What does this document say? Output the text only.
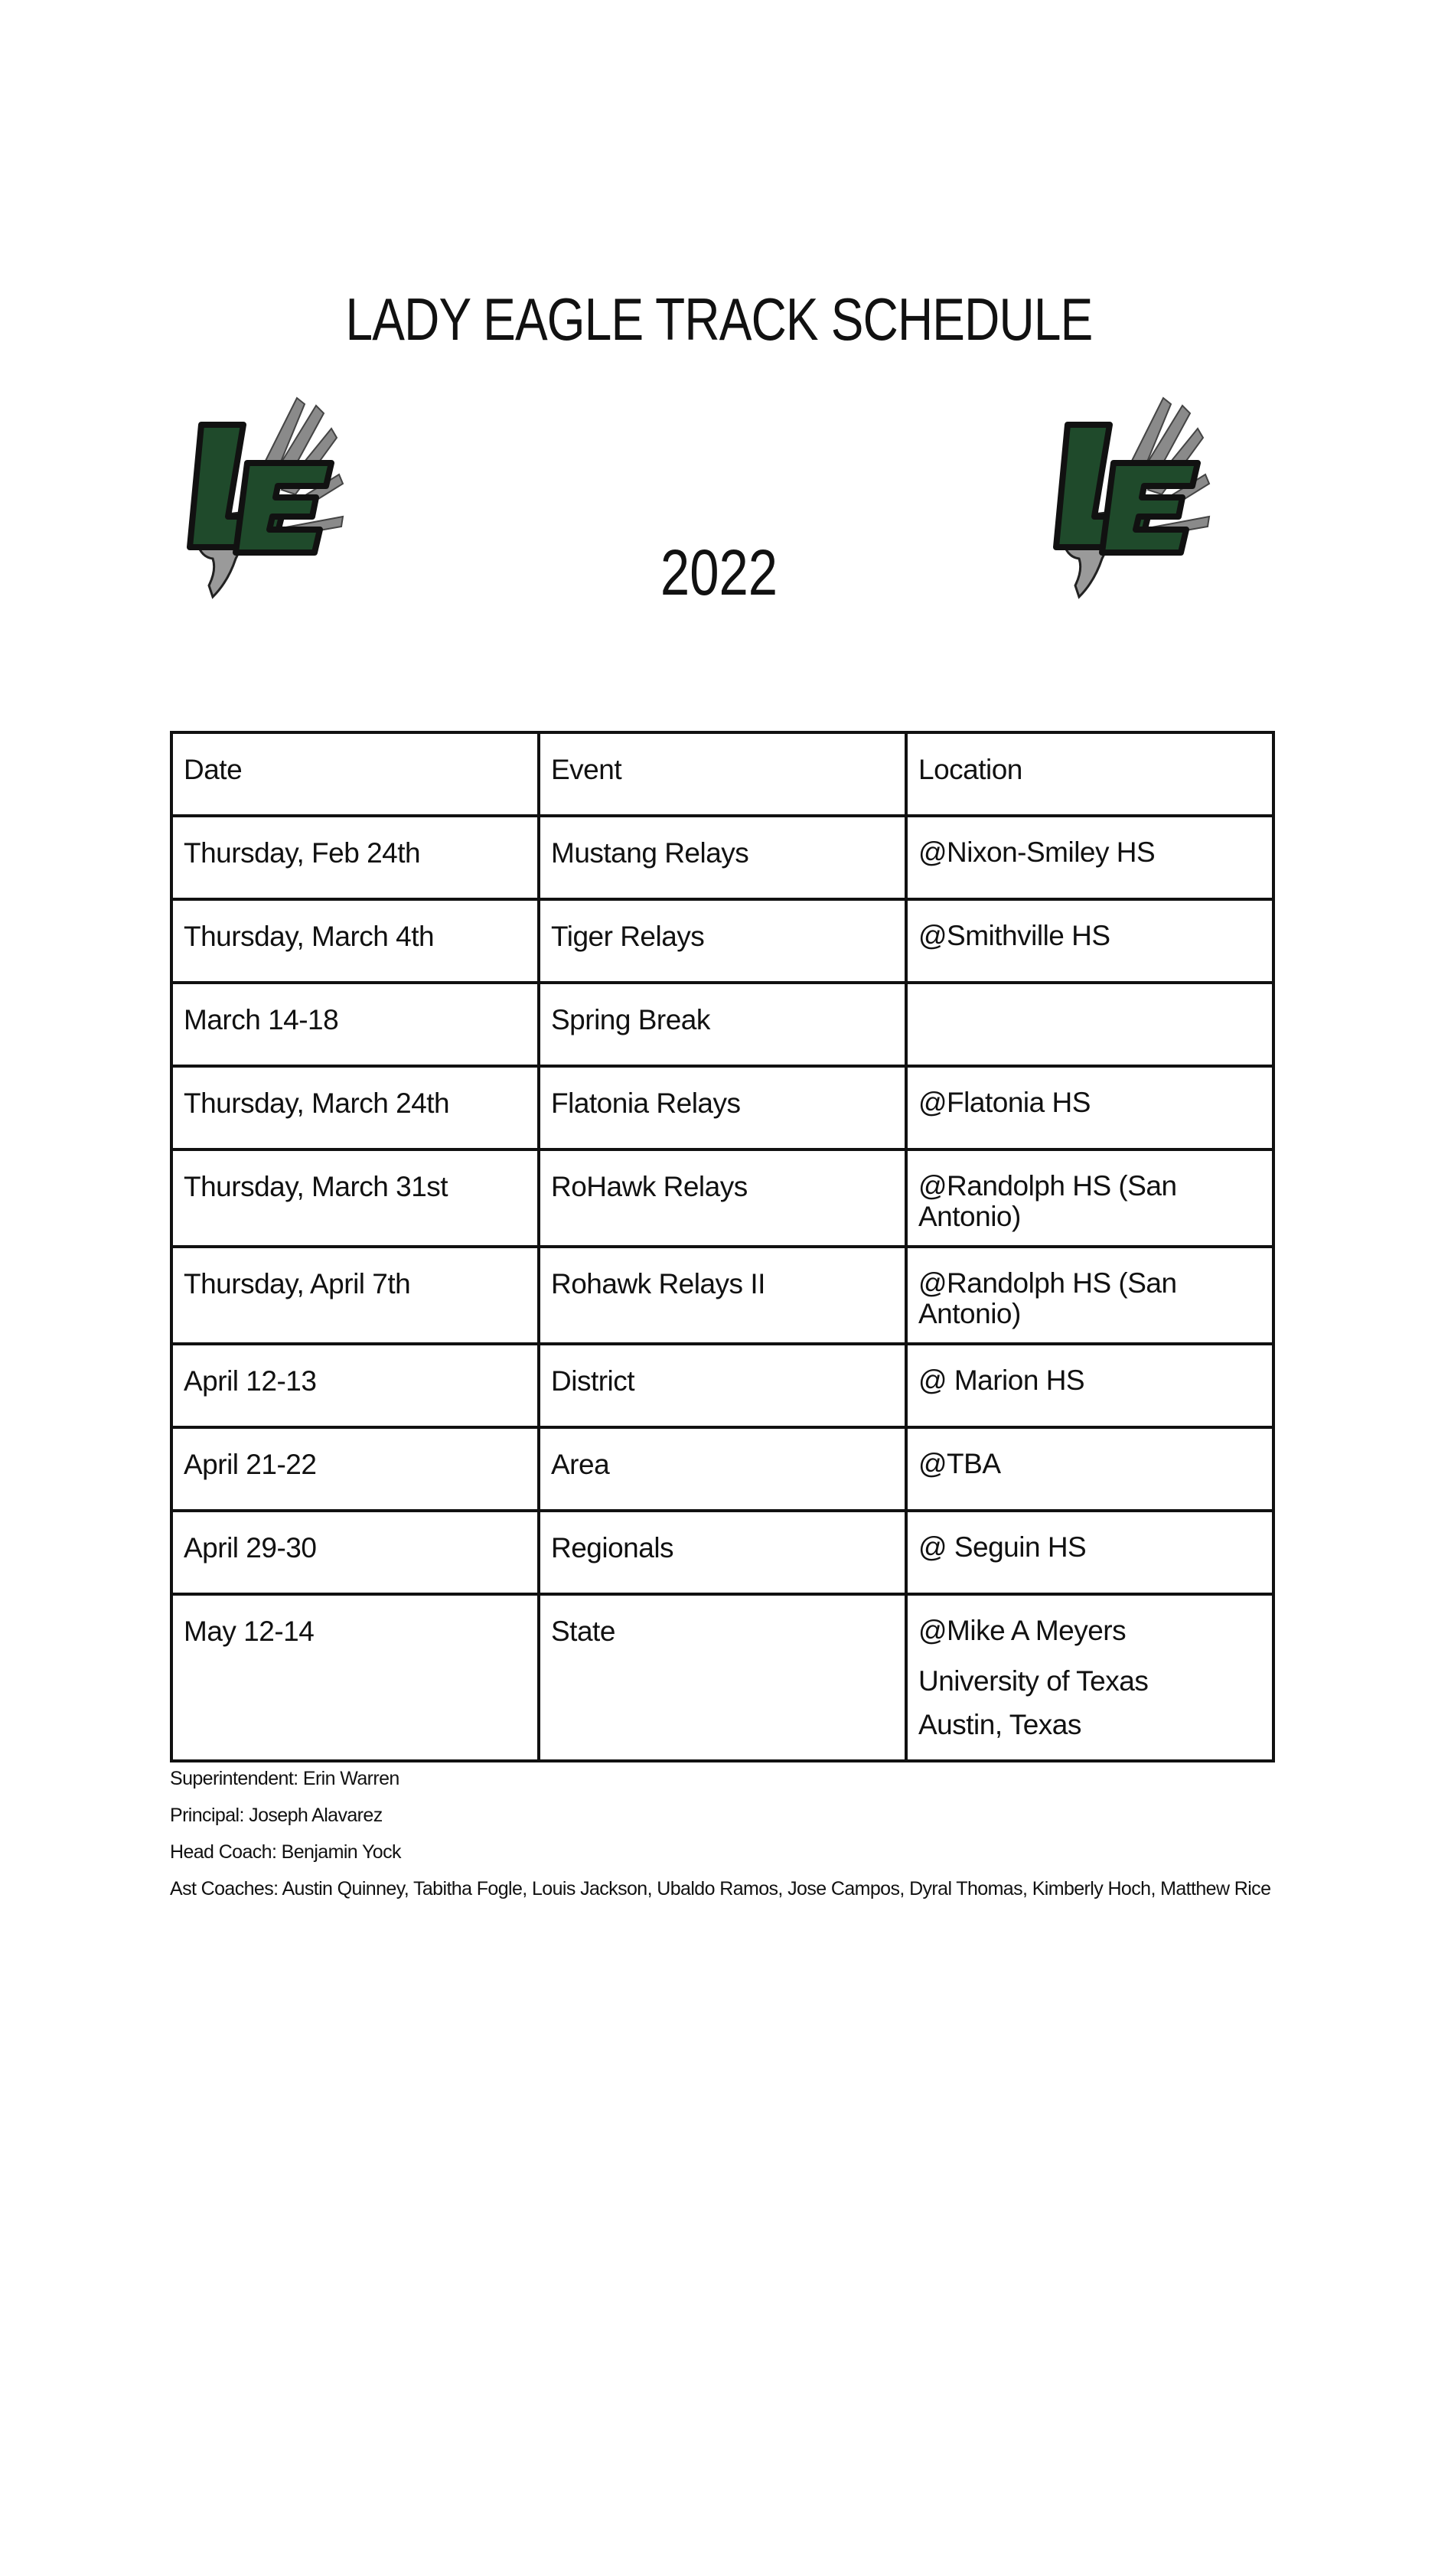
LADY EAGLE TRACK SCHEDULE
2022
Date	Event	Location
Thursday, Feb 24th	Mustang Relays	@Nixon-Smiley HS

Thursday, March 4th	Tiger Relays	@Smithville HS

March 14-18	Spring Break	

Thursday, March 24th	Flatonia Relays	@Flatonia HS

Thursday, March 31st	RoHawk Relays	@Randolph HS (San Antonio)

Thursday, April 7th	Rohawk Relays II	@Randolph HS (San Antonio)

April 12-13	District	@ Marion HS

April 21-22	Area	@TBA

April 29-30	Regionals	@ Seguin HS

May 12-14	State	@Mike A Meyers
University of Texas
Austin, Texas
Superintendent: Erin Warren
Principal: Joseph Alavarez
Head Coach: Benjamin Yock
Ast Coaches: Austin Quinney, Tabitha Fogle, Louis Jackson, Ubaldo Ramos, Jose Campos, Dyral Thomas, Kimberly Hoch, Matthew Rice
